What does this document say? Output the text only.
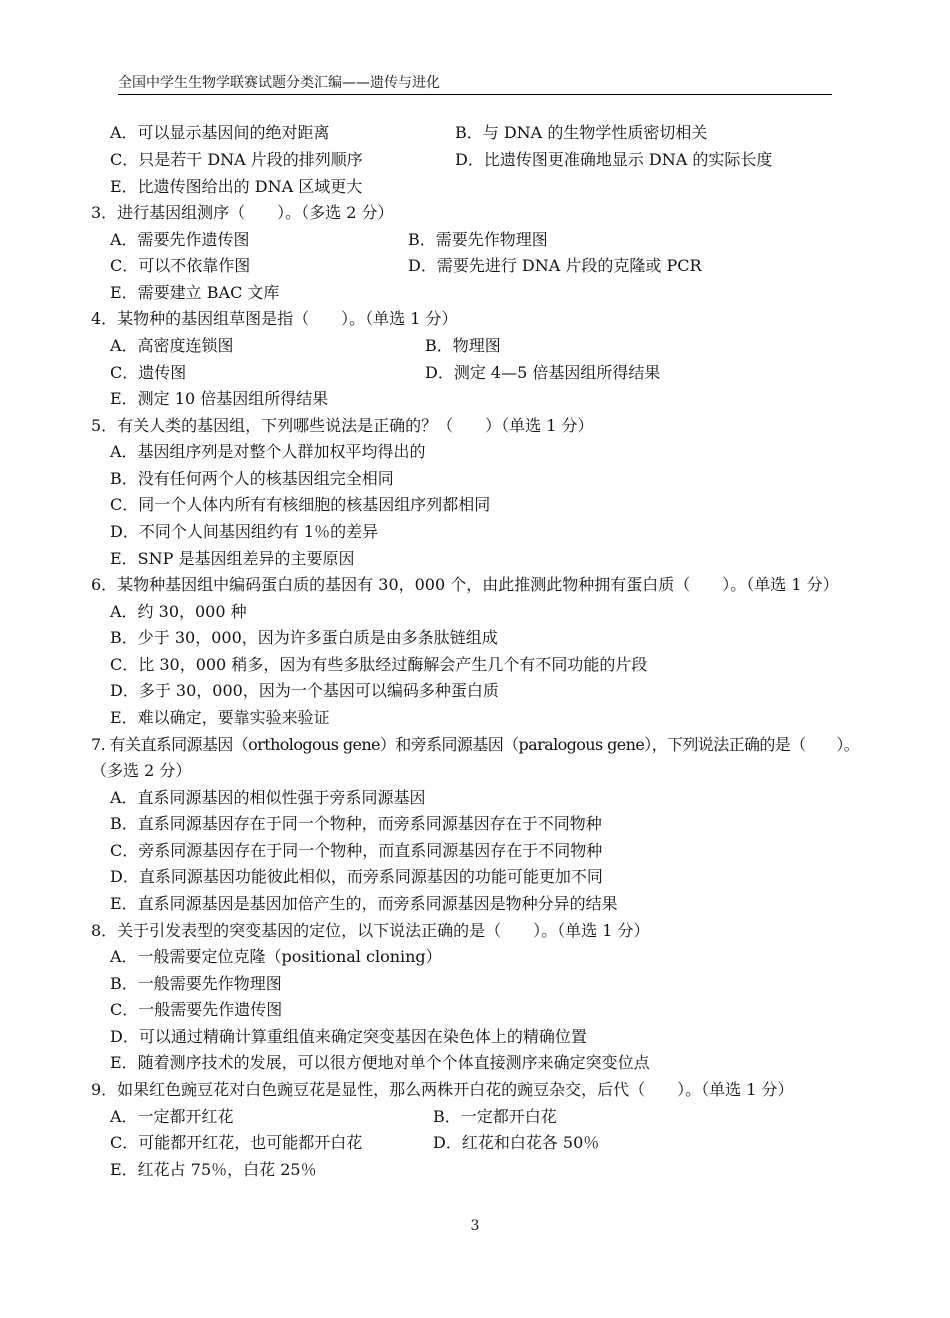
全国中学生生物学联赛试题分类汇编——遗传与进化
A．可以显示基因间的绝对距离	B．与 DNA 的生物学性质密切相关
C．只是若干 DNA 片段的排列顺序	D．比遗传图更准确地显示 DNA 的实际长度
E．比遗传图给出的 DNA 区域更大
3．进行基因组测序（　　）。（多选 2 分）
A．需要先作遗传图	B．需要先作物理图
C．可以不依靠作图	D．需要先进行 DNA 片段的克隆或 PCR
E．需要建立 BAC 文库
4．某物种的基因组草图是指（　　）。（单选 1 分）
A．高密度连锁图	B．物理图
C．遗传图	D．测定 4—5 倍基因组所得结果
E．测定 10 倍基因组所得结果
5．有关人类的基因组，下列哪些说法是正确的？（　　）（单选 1 分）
A．基因组序列是对整个人群加权平均得出的
B．没有任何两个人的核基因组完全相同
C．同一个人体内所有有核细胞的核基因组序列都相同
D．不同个人间基因组约有 1％的差异
E．SNP 是基因组差异的主要原因
6．某物种基因组中编码蛋白质的基因有 30，000 个，由此推测此物种拥有蛋白质（　　）。（单选 1 分）
A．约 30，000 种
B．少于 30，000，因为许多蛋白质是由多条肽链组成
C．比 30，000 稍多，因为有些多肽经过酶解会产生几个有不同功能的片段
D．多于 30，000，因为一个基因可以编码多种蛋白质
E．难以确定，要靠实验来验证
7. 有关直系同源基因（orthologous gene）和旁系同源基因（paralogous gene），下列说法正确的是（　　）。
（多选 2 分）
A．直系同源基因的相似性强于旁系同源基因
B．直系同源基因存在于同一个物种，而旁系同源基因存在于不同物种
C．旁系同源基因存在于同一个物种，而直系同源基因存在于不同物种
D．直系同源基因功能彼此相似，而旁系同源基因的功能可能更加不同
E．直系同源基因是基因加倍产生的，而旁系同源基因是物种分异的结果
8．关于引发表型的突变基因的定位，以下说法正确的是（　　）。（单选 1 分）
A．一般需要定位克隆（positional cloning）
B．一般需要先作物理图
C．一般需要先作遗传图
D．可以通过精确计算重组值来确定突变基因在染色体上的精确位置
E．随着测序技术的发展，可以很方便地对单个个体直接测序来确定突变位点
9．如果红色豌豆花对白色豌豆花是显性，那么两株开白花的豌豆杂交，后代（　　）。（单选 1 分）
A．一定都开红花	B．一定都开白花
C．可能都开红花，也可能都开白花	D．红花和白花各 50％
E．红花占 75％，白花 25％
3
